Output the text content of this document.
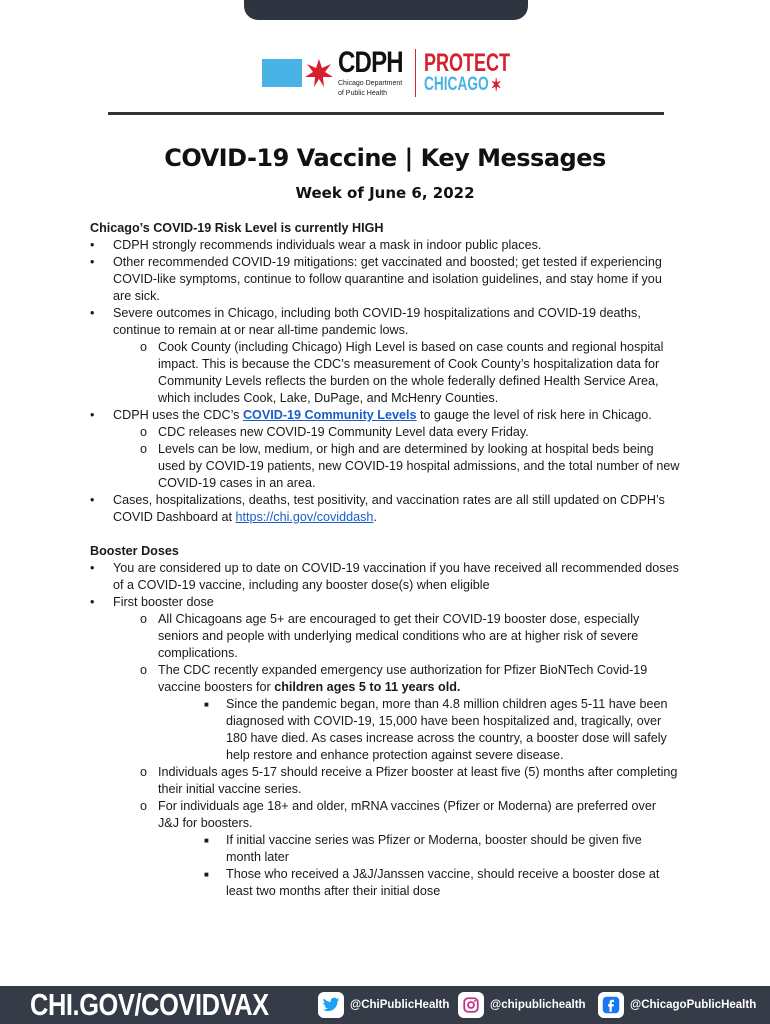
CDPH
Chicago Department
of Public Health
PROTECT
CHICAGO ✶
COVID-19 Vaccine | Key Messages
Week of June 6, 2022
Chicago’s COVID-19 Risk Level is currently HIGH
• CDPH strongly recommends individuals wear a mask in indoor public places.
• Other recommended COVID-19 mitigations: get vaccinated and boosted; get tested if experiencing COVID-like symptoms, continue to follow quarantine and isolation guidelines, and stay home if you are sick.
• Severe outcomes in Chicago, including both COVID-19 hospitalizations and COVID-19 deaths, continue to remain at or near all-time pandemic lows.
o Cook County (including Chicago) High Level is based on case counts and regional hospital impact. This is because the CDC’s measurement of Cook County’s hospitalization data for Community Levels reflects the burden on the whole federally defined Health Service Area, which includes Cook, Lake, DuPage, and McHenry Counties.
• CDPH uses the CDC’s COVID-19 Community Levels to gauge the level of risk here in Chicago.
o CDC releases new COVID-19 Community Level data every Friday.
o Levels can be low, medium, or high and are determined by looking at hospital beds being used by COVID-19 patients, new COVID-19 hospital admissions, and the total number of new COVID-19 cases in an area.
• Cases, hospitalizations, deaths, test positivity, and vaccination rates are all still updated on CDPH’s COVID Dashboard at https://chi.gov/coviddash.
Booster Doses
• You are considered up to date on COVID-19 vaccination if you have received all recommended doses of a COVID-19 vaccine, including any booster dose(s) when eligible
• First booster dose
o All Chicagoans age 5+ are encouraged to get their COVID-19 booster dose, especially seniors and people with underlying medical conditions who are at higher risk of severe complications.
o The CDC recently expanded emergency use authorization for Pfizer BioNTech Covid-19 vaccine boosters for children ages 5 to 11 years old.
■ Since the pandemic began, more than 4.8 million children ages 5-11 have been diagnosed with COVID-19, 15,000 have been hospitalized and, tragically, over 180 have died. As cases increase across the country, a booster dose will safely help restore and enhance protection against severe disease.
o Individuals ages 5-17 should receive a Pfizer booster at least five (5) months after completing their initial vaccine series.
o For individuals age 18+ and older, mRNA vaccines (Pfizer or Moderna) are preferred over J&J for boosters.
■ If initial vaccine series was Pfizer or Moderna, booster should be given five month later
■ Those who received a J&J/Janssen vaccine, should receive a booster dose at least two months after their initial dose
CHI.GOV/COVIDVAX	@ChiPublicHealth	@chipublichealth	@ChicagoPublicHealth
